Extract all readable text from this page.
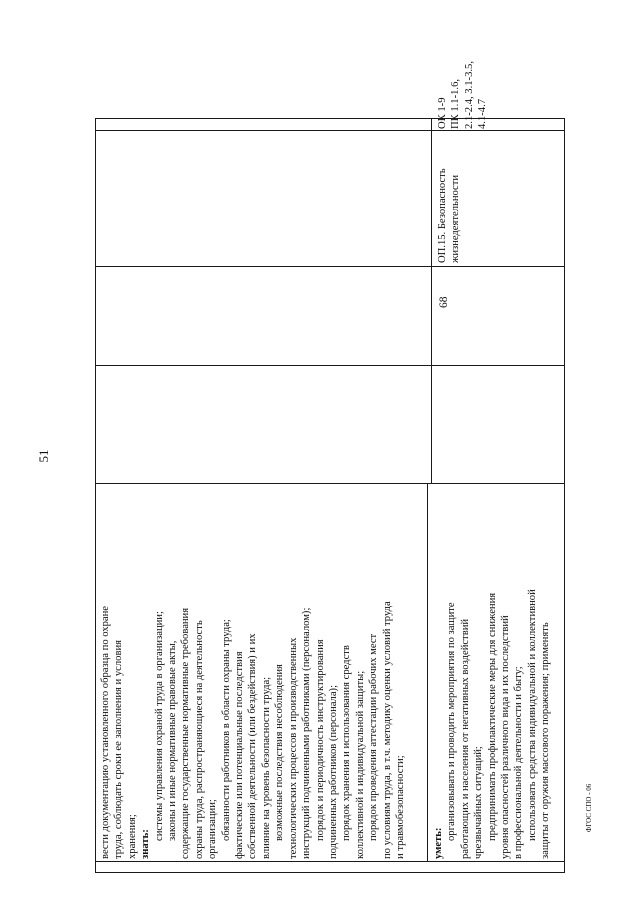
51
ФГОС СПО - 06
вести документацию установленного образца по охране труда, соблюдать сроки ее заполнения и условия хранения; знать:
системы управления охраной труда в организации; законы и иные нормативные правовые акты, содержащие государственные нормативные требования охраны труда, распространяющиеся на деятельность организации; обязанности работников в области охраны труда; фактические или потенциальные последствия собственной деятельности (или бездействия) и их влияние на уровень безопасности труда; возможные последствия несоблюдения технологических процессов и производственных инструкций подчиненными работниками (персоналом); порядок и периодичность инструктирования подчиненных работников (персонала); порядок хранения и использования средств коллективной и индивидуальной защиты; порядок проведения аттестации рабочих мест по условиям труда, в т.ч. методику оценки условий труда и травмобезопасности;	уметь:
организовывать и проводить мероприятия по защите работающих и населения от негативных воздействий чрезвычайных ситуаций; предпринимать профилактические меры для снижения уровня опасностей различного вида и их последствий в профессиональной деятельности и быту; использовать средства индивидуальной и коллективной защиты от оружия массового поражения; применять
68
ОП.15. Безопасность жизнедеятельности
ОК 1-9 ПК 1.1-1.6, 2.1-2.4, 3.1-3.5, 4.1-4.7
